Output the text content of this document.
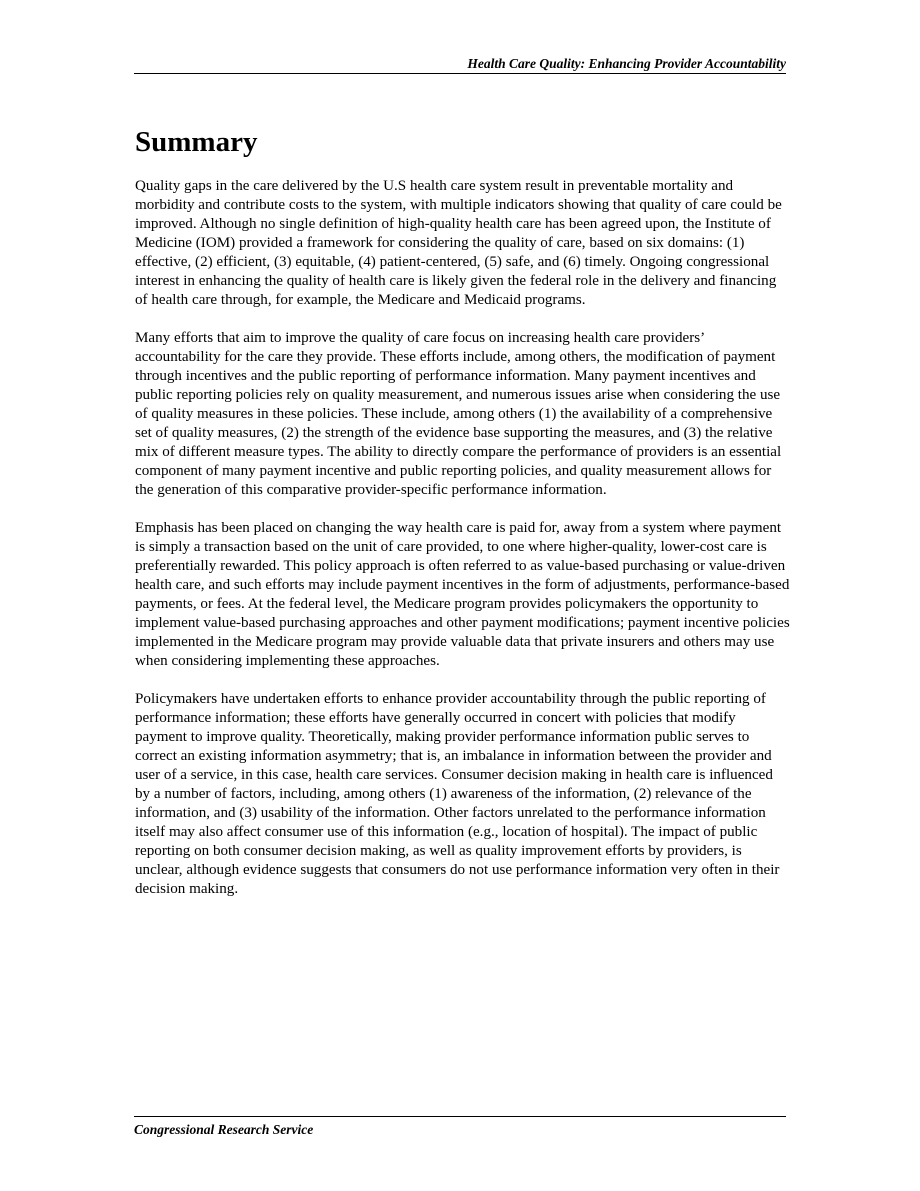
Health Care Quality: Enhancing Provider Accountability
Summary

Quality gaps in the care delivered by the U.S health care system result in preventable mortality and morbidity and contribute costs to the system, with multiple indicators showing that quality of care could be improved. Although no single definition of high-quality health care has been agreed upon, the Institute of Medicine (IOM) provided a framework for considering the quality of care, based on six domains: (1) effective, (2) efficient, (3) equitable, (4) patient-centered, (5) safe, and (6) timely. Ongoing congressional interest in enhancing the quality of health care is likely given the federal role in the delivery and financing of health care through, for example, the Medicare and Medicaid programs.

Many efforts that aim to improve the quality of care focus on increasing health care providers’ accountability for the care they provide. These efforts include, among others, the modification of payment through incentives and the public reporting of performance information. Many payment incentives and public reporting policies rely on quality measurement, and numerous issues arise when considering the use of quality measures in these policies. These include, among others (1) the availability of a comprehensive set of quality measures, (2) the strength of the evidence base supporting the measures, and (3) the relative mix of different measure types. The ability to directly compare the performance of providers is an essential component of many payment incentive and public reporting policies, and quality measurement allows for the generation of this comparative provider-specific performance information.

Emphasis has been placed on changing the way health care is paid for, away from a system where payment is simply a transaction based on the unit of care provided, to one where higher-quality, lower-cost care is preferentially rewarded. This policy approach is often referred to as value-based purchasing or value-driven health care, and such efforts may include payment incentives in the form of adjustments, performance-based payments, or fees. At the federal level, the Medicare program provides policymakers the opportunity to implement value-based purchasing approaches and other payment modifications; payment incentive policies implemented in the Medicare program may provide valuable data that private insurers and others may use when considering implementing these approaches.

Policymakers have undertaken efforts to enhance provider accountability through the public reporting of performance information; these efforts have generally occurred in concert with policies that modify payment to improve quality. Theoretically, making provider performance information public serves to correct an existing information asymmetry; that is, an imbalance in information between the provider and user of a service, in this case, health care services. Consumer decision making in health care is influenced by a number of factors, including, among others (1) awareness of the information, (2) relevance of the information, and (3) usability of the information. Other factors unrelated to the performance information itself may also affect consumer use of this information (e.g., location of hospital). The impact of public reporting on both consumer decision making, as well as quality improvement efforts by providers, is unclear, although evidence suggests that consumers do not use performance information very often in their decision making.

Congressional Research Service
